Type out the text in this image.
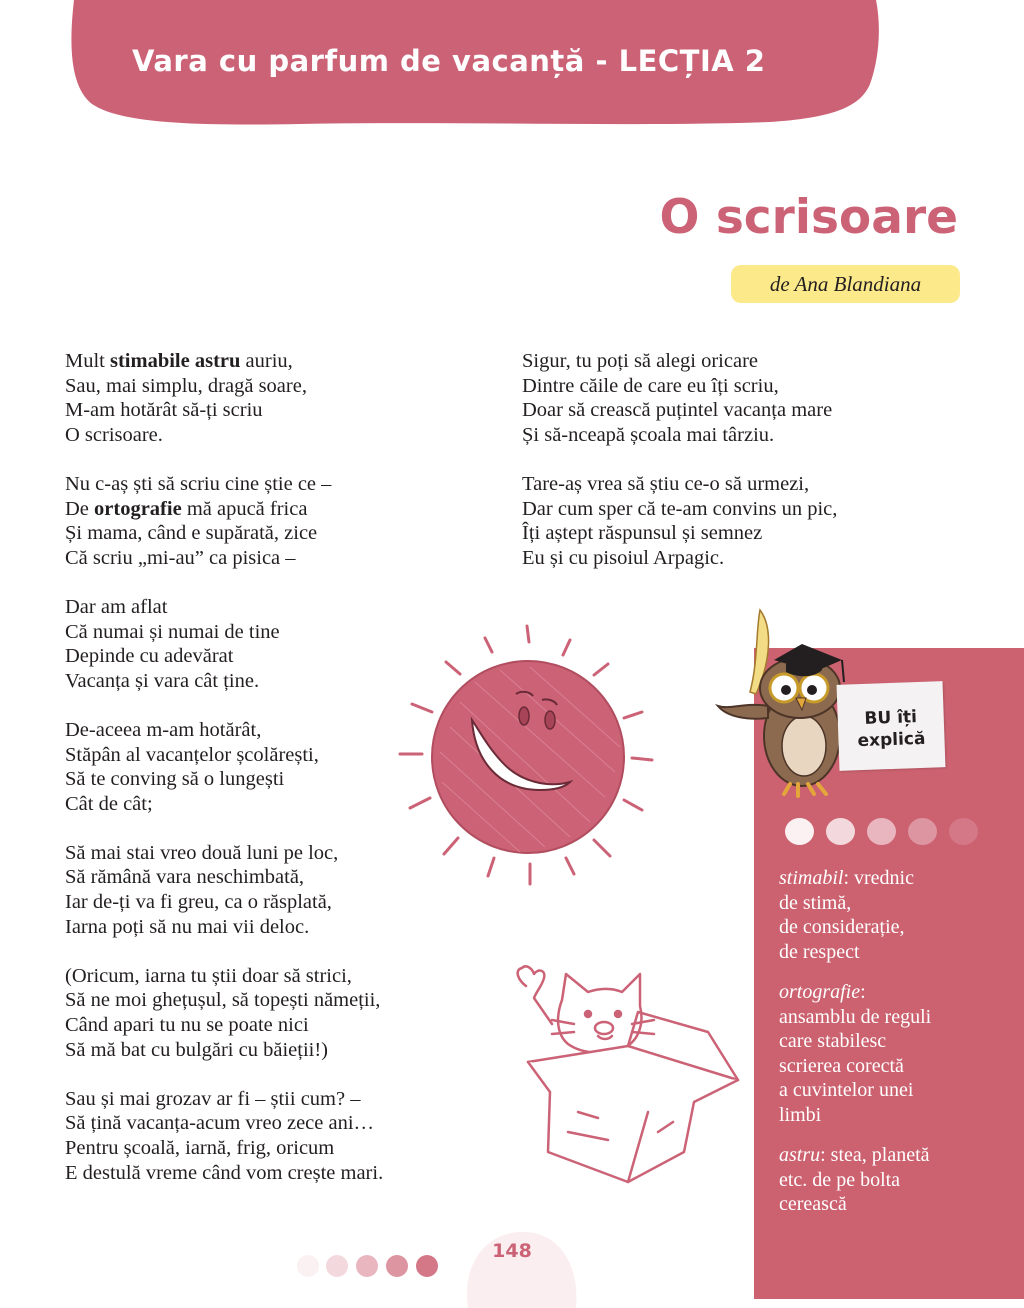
Vara cu parfum de vacanță - LECȚIA 2
O scrisoare
de Ana Blandiana
Mult stimabile astru auriu,
Sau, mai simplu, dragă soare,
M-am hotărât să-ți scriu
O scrisoare.
Nu c-aș ști să scriu cine știe ce –
De ortografie mă apucă frica
Și mama, când e supărată, zice
Că scriu „mi-au” ca pisica –
Dar am aflat
Că numai și numai de tine
Depinde cu adevărat
Vacanța și vara cât ține.
De-aceea m-am hotărât,
Stăpân al vacanțelor școlărești,
Să te conving să o lungești
Cât de cât;
Să mai stai vreo două luni pe loc,
Să rămână vara neschimbată,
Iar de-ți va fi greu, ca o răsplată,
Iarna poți să nu mai vii deloc.
(Oricum, iarna tu știi doar să strici,
Să ne moi ghețușul, să topești nămeții,
Când apari tu nu se poate nici
Să mă bat cu bulgări cu băieții!)
Sau și mai grozav ar fi – știi cum? –
Să țină vacanța-acum vreo zece ani…
Pentru școală, iarnă, frig, oricum
E destulă vreme când vom crește mari.
Sigur, tu poți să alegi oricare
Dintre căile de care eu îți scriu,
Doar să crească puțintel vacanța mare
Și să-nceapă școala mai târziu.
Tare-aș vrea să știu ce-o să urmezi,
Dar cum sper că te-am convins un pic,
Îți aștept răspunsul și semnez
Eu și cu pisoiul Arpagic.
BU îți
explică
stimabil: vrednic
de stimă,
de considerație,
de respect
ortografie:
ansamblu de reguli
care stabilesc
scrierea corectă
a cuvintelor unei
limbi
astru: stea, planetă
etc. de pe bolta
cerească
148
